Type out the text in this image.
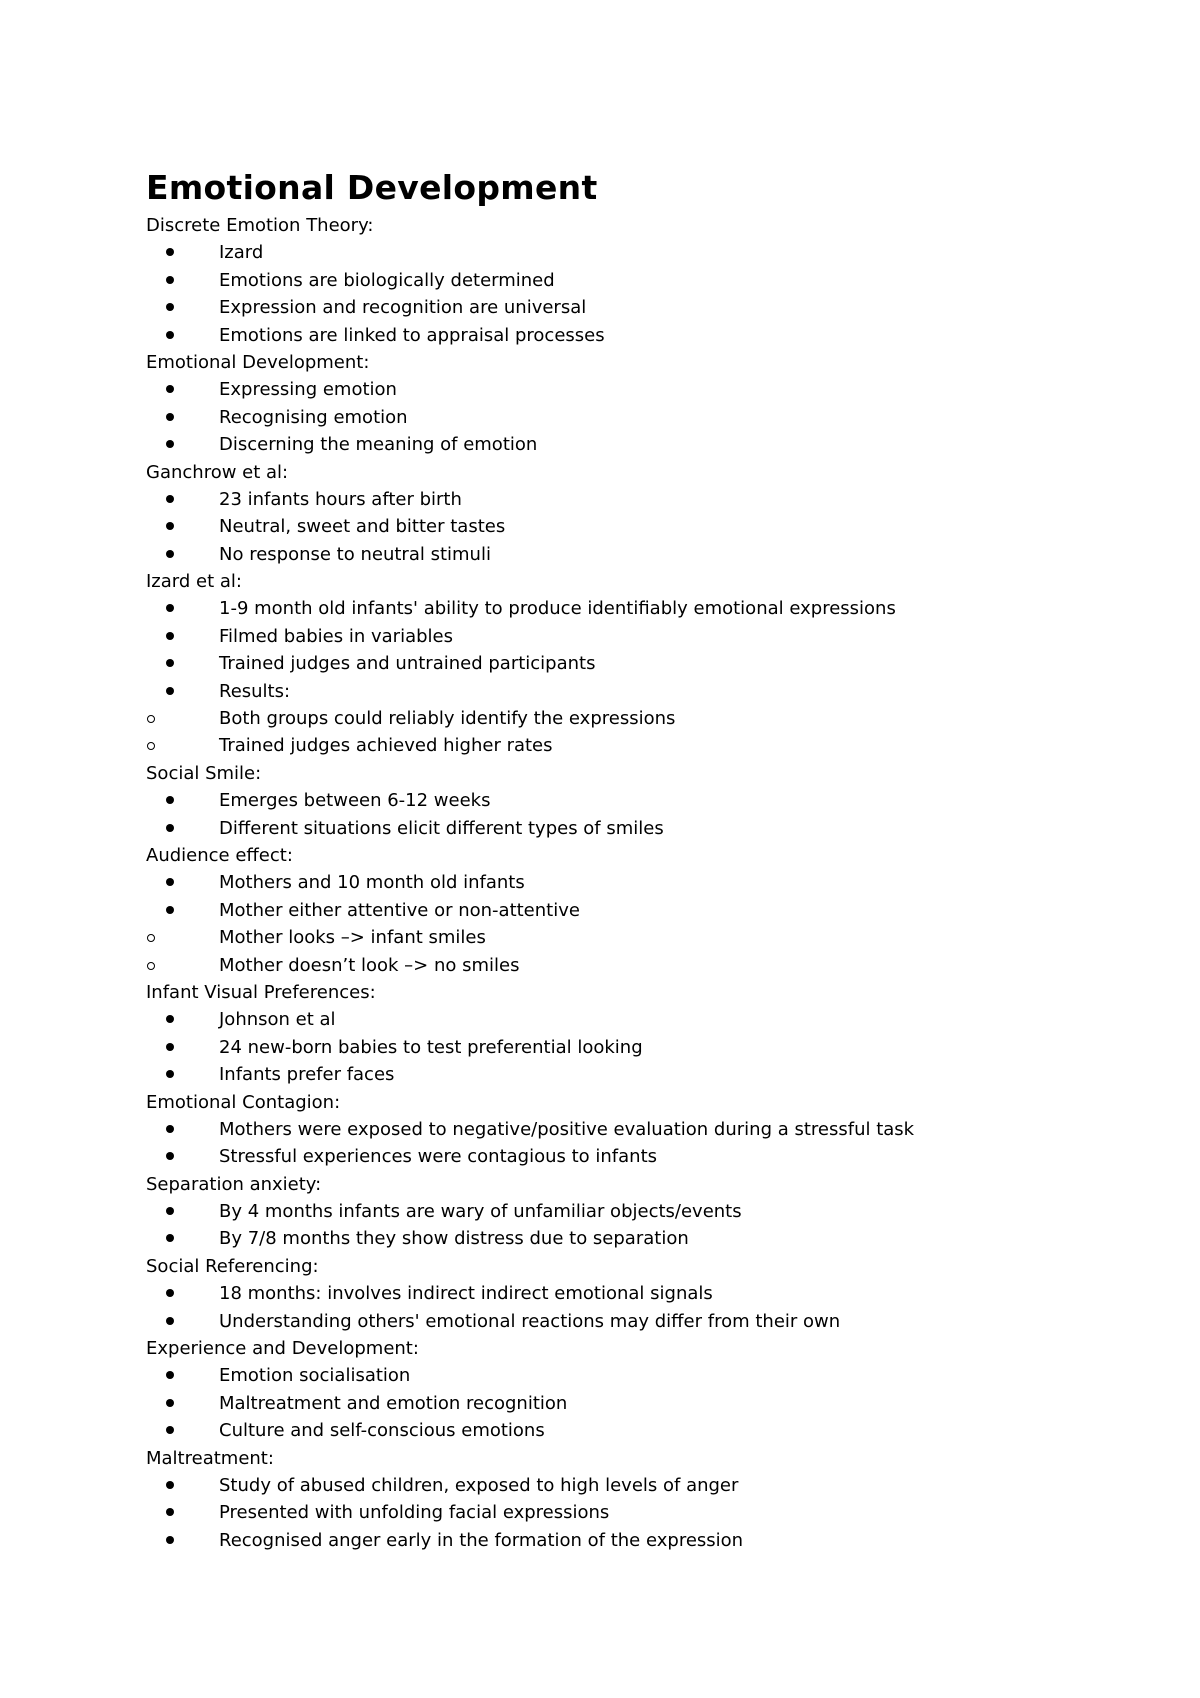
Emotional Development
Discrete Emotion Theory:
Izard
Emotions are biologically determined
Expression and recognition are universal
Emotions are linked to appraisal processes
Emotional Development:
Expressing emotion
Recognising emotion
Discerning the meaning of emotion
Ganchrow et al:
23 infants hours after birth
Neutral, sweet and bitter tastes
No response to neutral stimuli
Izard et al:
1-9 month old infants' ability to produce identifiably emotional expressions
Filmed babies in variables
Trained judges and untrained participants
Results:
Both groups could reliably identify the expressions
Trained judges achieved higher rates
Social Smile:
Emerges between 6-12 weeks
Different situations elicit different types of smiles
Audience effect:
Mothers and 10 month old infants
Mother either attentive or non-attentive
Mother looks –> infant smiles
Mother doesn’t look –> no smiles
Infant Visual Preferences:
Johnson et al
24 new-born babies to test preferential looking
Infants prefer faces
Emotional Contagion:
Mothers were exposed to negative/positive evaluation during a stressful task
Stressful experiences were contagious to infants
Separation anxiety:
By 4 months infants are wary of unfamiliar objects/events
By 7/8 months they show distress due to separation
Social Referencing:
18 months: involves indirect indirect emotional signals
Understanding others' emotional reactions may differ from their own
Experience and Development:
Emotion socialisation
Maltreatment and emotion recognition
Culture and self-conscious emotions
Maltreatment:
Study of abused children, exposed to high levels of anger
Presented with unfolding facial expressions
Recognised anger early in the formation of the expression
